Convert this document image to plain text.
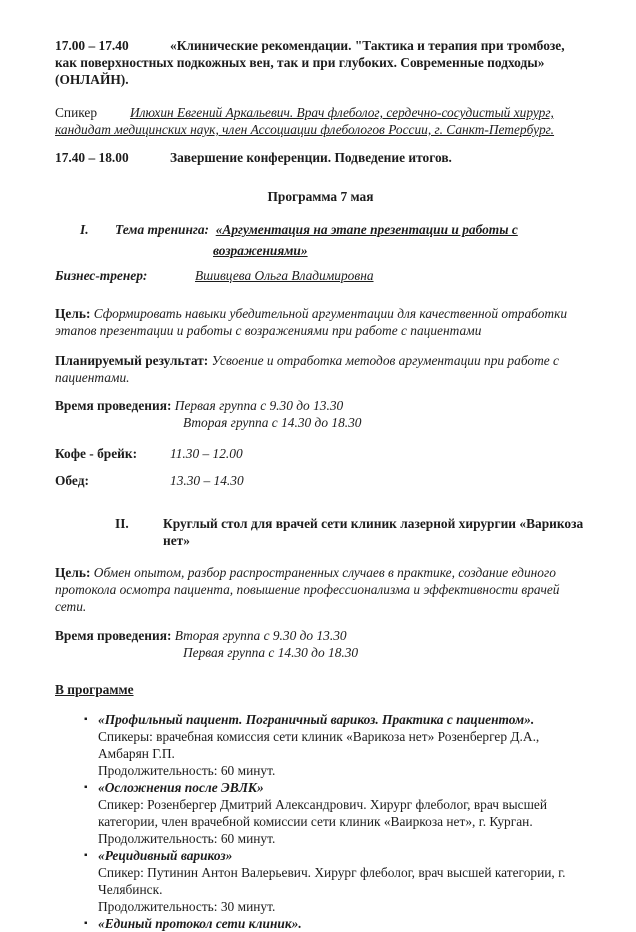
17.00 – 17.40	«Клинические рекомендации. "Тактика и терапия при тромбозе, как поверхностных подкожных вен, так и при глубоких. Современные подходы» (ОНЛАЙН).

Спикер Илюхин Евгений Аркальевич. Врач флеболог, сердечно-сосудистый хирург, кандидат медицинских наук, член Ассоциации флебологов России, г. Санкт-Петербург.

17.40 – 18.00	Завершение конференции. Подведение итогов.

Программа 7 мая

I. Тема тренинга: «Аргументация на этапе презентации и работы с возражениями»

Бизнес-тренер:	Вшивцева Ольга Владимировна

Цель: Сформировать навыки убедительной аргументации для качественной отработки этапов презентации и работы с возражениями при работе с пациентами

Планируемый результат: Усвоение и отработка методов аргументации при работе с пациентами.

Время проведения: Первая группа с 9.30 до 13.30
Вторая группа с 14.30 до 18.30

Кофе - брейк: 11.30 – 12.00

Обед:	13.30 – 14.30

II.	Круглый стол для врачей сети клиник лазерной хирургии «Варикоза нет»

Цель: Обмен опытом, разбор распространенных случаев в практике, создание единого протокола осмотра пациента, повышение профессионализма и эффективности врачей сети.

Время проведения: Вторая группа с 9.30 до 13.30
Первая группа с 14.30 до 18.30

В программе

▪
«Профильный пациент. Пограничный варикоз. Практика с пациентом».
Спикеры: врачебная комиссия сети клиник «Варикоза нет» Розенбергер Д.А., Амбарян Г.П.
Продолжительность: 60 минут.
▪
«Осложнения после ЭВЛК»
Спикер: Розенбергер Дмитрий Александрович. Хирург флеболог, врач высшей категории, член врачебной комиссии сети клиник «Ваиркоза нет», г. Курган.
Продолжительность: 60 минут.
▪
«Рецидивный варикоз»
Спикер: Путинин Антон Валерьевич. Хирург флеболог, врач высшей категории, г. Челябинск.
Продолжительность: 30 минут.
▪
«Единый протокол сети клиник».
